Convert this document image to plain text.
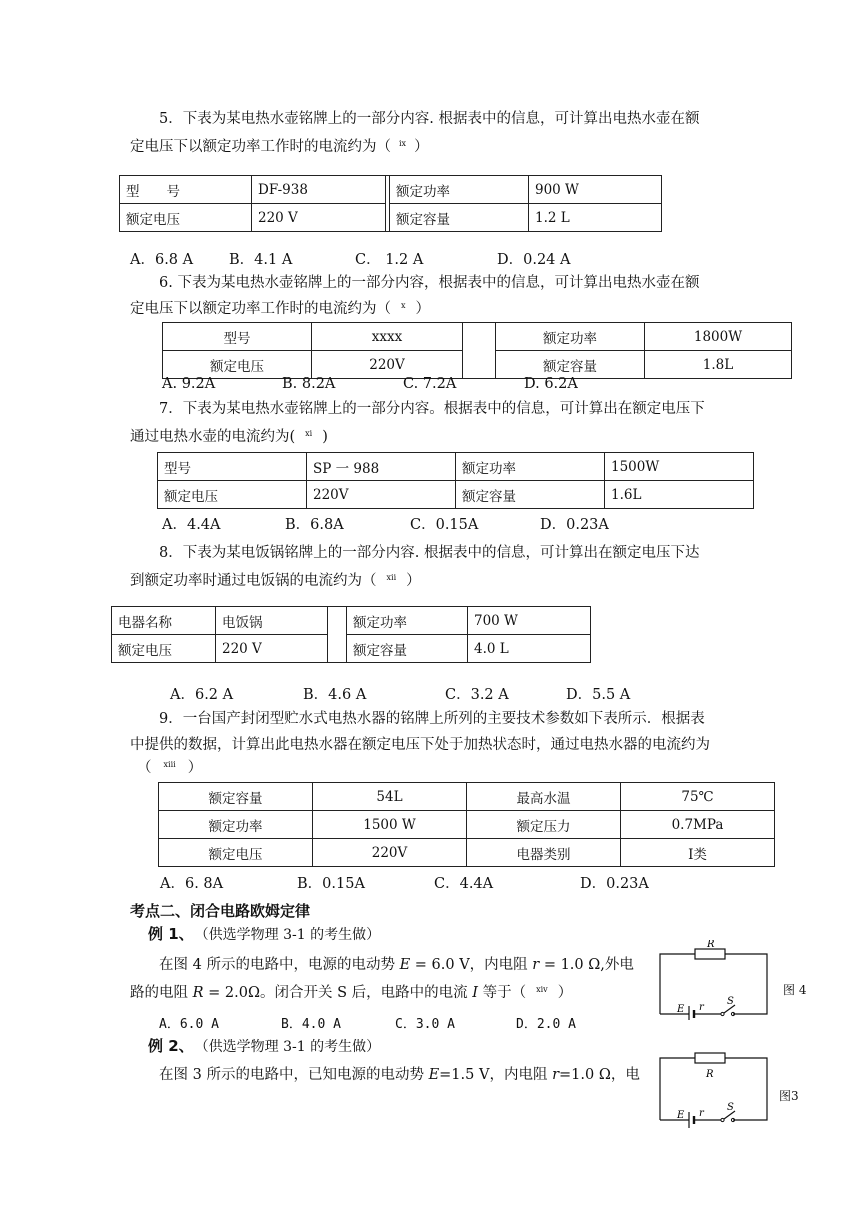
5．下表为某电热水壶铭牌上的一部分内容. 根据表中的信息，可计算出电热水壶在额
定电压下以额定功率工作时的电流约为（ $^{ix}$ ）
型　　号	DF-938		额定功率	900 W
额定电压	220 V		额定容量	1.2 L
A．6.8 A B．4.1 A	C． 1.2 A	D．0.24 A
6. 下表为某电热水壶铭牌上的一部分内容，根据表中的信息，可计算出电热水壶在额
定电压下以额定功率工作时的电流约为（ $^x$ ）
型号	xxxx		额定功率	1800W
额定电压	220V		额定容量	1.8L
A. 9.2A	B. 8.2A	C. 7.2A	D. 6.2A
7．下表为某电热水壶铭牌上的一部分内容。根据表中的信息，可计算出在额定电压下
通过电热水壶的电流约为( $^{xi}$ )
型号	SP 一 988	额定功率	1500W
额定电压	220V	额定容量	1.6L
A．4.4A	B．6.8A	C．0.15A	D．0.23A
8．下表为某电饭锅铭牌上的一部分内容. 根据表中的信息，可计算出在额定电压下达
到额定功率时通过电饭锅的电流约为（ $^{xii}$ ）
电器名称	电饭锅		额定功率	700 W
额定电压	220 V		额定容量	4.0 L
A．6.2 A	B．4.6 A	C．3.2 A	D．5.5 A
9．一台国产封闭型贮水式电热水器的铭牌上所列的主要技术参数如下表所示．根据表
中提供的数据，计算出此电热水器在额定电压下处于加热状态时，通过电热水器的电流约为
（ $^{xiii}$ ）
额定容量	54L	最高水温	75℃
额定功率	1500 W	额定压力	0.7MPa
额定电压	220V	电器类别	Ⅰ类
A．6. 8A	B．0.15A	C．4.4A	D．0.23A
考点二、闭合电路欧姆定律
例 1、 （供选学物理 3-1 的考生做）
在图 4 所示的电路中，电源的电动势 E = 6.0 V，内电阻 r = 1.0 Ω,外电
路的电阻 R = 2.0Ω。闭合开关 S 后，电路中的电流 I 等于（ $^{xiv}$ ）
A．6.0 A	B．4.0 A	C．3.0 A	D．2.0 A
R
E r
S
图 4
例 2、 （供选学物理 3-1 的考生做）
在图 3 所示的电路中，已知电源的电动势 E=1.5 V，内电阻 r=1.0 Ω，电	R
E r
S
图3
